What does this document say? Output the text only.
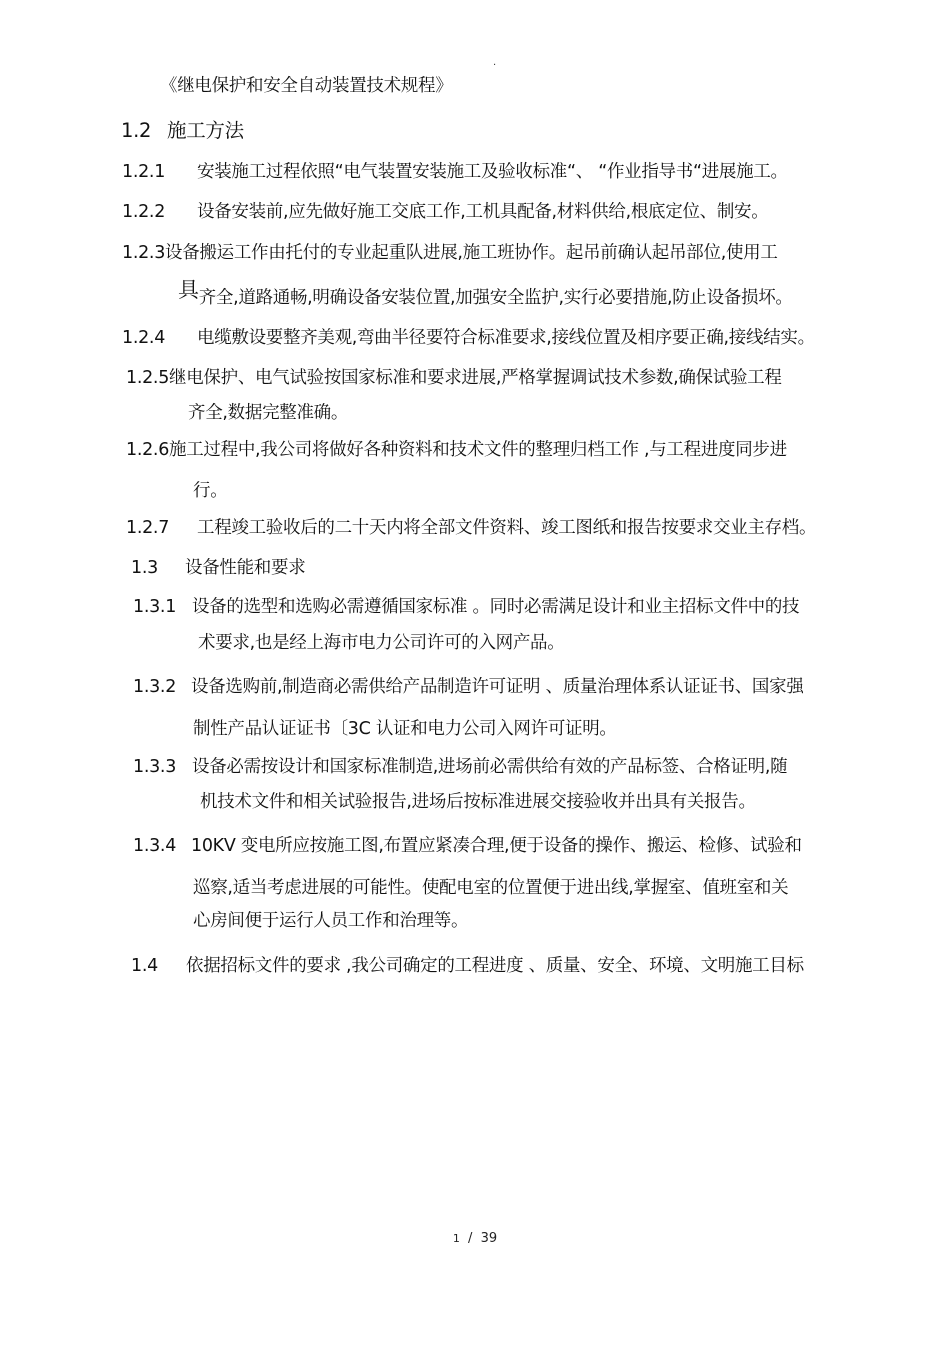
.
《继电保护和安全自动装置技术规程》
1.2 施工方法
1.2.1 安装施工过程依照“电气装置安装施工及验收标准“、 “作业指导书“进展施工。
1.2.2 设备安装前,应先做好施工交底工作,工机具配备,材料供给,根底定位、制安。
1.2.3设备搬运工作由托付的专业起重队进展,施工班协作。起吊前确认起吊部位,使用工
具齐全,道路通畅,明确设备安装位置,加强安全监护,实行必要措施,防止设备损坏。
1.2.4 电缆敷设要整齐美观,弯曲半径要符合标准要求,接线位置及相序要正确,接线结实。
1.2.5继电保护、电气试验按国家标准和要求进展,严格掌握调试技术参数,确保试验工程
齐全,数据完整准确。
1.2.6施工过程中,我公司将做好各种资料和技术文件的整理归档工作 ,与工程进度同步进
行。
1.2.7 工程竣工验收后的二十天内将全部文件资料、竣工图纸和报告按要求交业主存档。
1.3 设备性能和要求
1.3.1 设备的选型和选购必需遵循国家标准 。同时必需满足设计和业主招标文件中的技
术要求,也是经上海市电力公司许可的入网产品。
1.3.2 设备选购前,制造商必需供给产品制造许可证明 、质量治理体系认证证书、国家强
制性产品认证证书〔3C 认证和电力公司入网许可证明。
1.3.3 设备必需按设计和国家标准制造,进场前必需供给有效的产品标签、合格证明,随
机技术文件和相关试验报告,进场后按标准进展交接验收并出具有关报告。
1.3.4 10KV 变电所应按施工图,布置应紧凑合理,便于设备的操作、搬运、检修、试验和
巡察,适当考虑进展的可能性。使配电室的位置便于进出线,掌握室、值班室和关
心房间便于运行人员工作和治理等。
1.4 依据招标文件的要求 ,我公司确定的工程进度 、质量、安全、环境、文明施工目标
1 / 39
